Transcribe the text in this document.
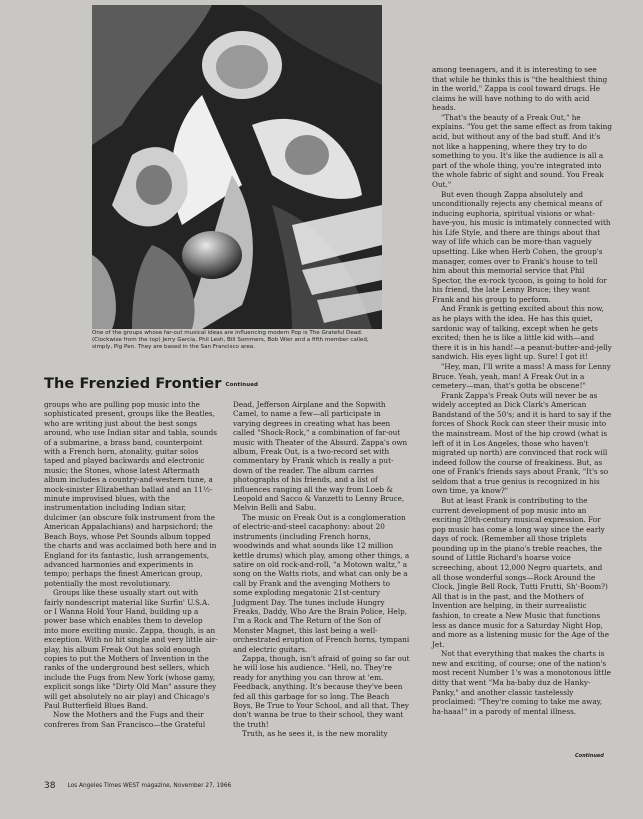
One of the groups whose far-out musical ideas are influencing modern Pop is The Grateful Dead. (Clockwise from the top) Jerry Garcia, Phil Lesh, Bill Sommers, Bob Wier and a fifth member called, simply, Pig Pen. They are based in the San Francisco area.

The Frenzied Frontier Continued

groups who are pulling pop music into the sophisticated present, groups like the Beatles, who are writing just about the best songs around, who use Indian sitar and tabla, sounds of a submarine, a brass band, counterpoint with a French horn, atonality, guitar solos taped and played backwards and electronic music; the Stones, whose latest Aftermath album includes a country-and-western tune, a mock-sinister Elizabethan ballad and an 11½-minute improvised blues, with the instrumentation including Indian sitar, dulcimer (an obscure folk instrument from the American Appalachians) and harpsichord; the Beach Boys, whose Pet Sounds album topped the charts and was acclaimed both here and in England for its fantastic, lush arrangements, advanced harmonies and experiments in tempo; perhaps the finest American group, potentially the most revolutionary.

Groups like these usually start out with fairly nondescript material like Surfin' U.S.A. or I Wanna Hold Your Hand, building up a power base which enables them to develop into more exciting music. Zappa, though, is an exception. With no hit single and very little air-play, his album Freak Out has sold enough copies to put the Mothers of Invention in the ranks of the underground best sellers, which include the Fugs from New York (whose gamy, explicit songs like "Dirty Old Man" assure they will get absolutely no air play) and Chicago's Paul Butterfield Blues Band.

Now the Mothers and the Fugs and their confreres from San Francisco—the Grateful

Dead, Jefferson Airplane and the Sopwith Camel, to name a few—all participate in varying degrees in creating what has been called "Shock-Rock," a combination of far-out music with Theater of the Absurd. Zappa's own album, Freak Out, is a two-record set with commentary by Frank which is really a put-down of the reader. The album carries photographs of his friends, and a list of influences ranging all the way from Loeb & Leopold and Sacco & Vanzetti to Lenny Bruce, Melvin Belli and Sabu.

The music on Freak Out is a conglomeration of electric-and-steel cacaphony: about 20 instruments (including French horns, woodwinds and what sounds like 12 million kettle drums) which play, among other things, a satire on old rock-and-roll, "a Motown waltz," a song on the Watts riots, and what can only be a call by Frank and the avenging Mothers to some exploding megatonic 21st-century Judgment Day. The tunes include Hungry Freaks, Daddy, Who Are the Brain Police, Help, I'm a Rock and The Return of the Son of Monster Magnet, this last being a well-orchestrated eruption of French horns, tympani and electric guitars.

Zappa, though, isn't afraid of going so far out he will lose his audience. "Hell, no. They're ready for anything you can throw at 'em. Feedback, anything. It's because they've been fed all this garbage for so long. The Beach Boys, Be True to Your School, and all that. They don't wanna be true to their school, they want the truth!

Truth, as he sees it, is the new morality

among teenagers, and it is interesting to see that while he thinks this is "the healthiest thing in the world," Zappa is cool toward drugs. He claims he will have nothing to do with acid heads.

"That's the beauty of a Freak Out," he explains. "You get the same effect as from taking acid, but without any of the bad stuff. And it's not like a happening, where they try to do something to you. It's like the audience is all a part of the whole thing, you're integrated into the whole fabric of sight and sound. You Freak Out."

But even though Zappa absolutely and unconditionally rejects any chemical means of inducing euphoria, spiritual visions or what-have-you, his music is intimately connected with his Life Style, and there are things about that way of life which can be more-than vaguely upsetting. Like when Herb Cohen, the group's manager, comes over to Frank's house to tell him about this memorial service that Phil Spector, the ex-rock tycoon, is going to hold for his friend, the late Lenny Bruce; they want Frank and his group to perform.

And Frank is getting excited about this now, as he plays with the idea. He has this quiet, sardonic way of talking, except when he gets excited; then he is like a little kid with—and there it is in his hand!—a peanut-butter-and-jelly sandwich. His eyes light up. Sure! I got it!

"Hey, man, I'll write a mass! A mass for Lenny Bruce. Yeah, yeah, man! A Freak Out in a cemetery—man, that's gotta be obscene!"

Frank Zappa's Freak Outs will never be as widely accepted as Dick Clark's American Bandstand of the 50's; and it is hard to say if the forces of Shock Rock can steer their music into the mainstream. Most of the hip crowd (what is left of it in Los Angeles, those who haven't migrated up north) are convinced that rock will indeed follow the course of freakiness. But, as one of Frank's friends says about Frank, "It's so seldom that a true genius is recognized in his own time, ya know?"

But at least Frank is contributing to the current development of pop music into an exciting 20th-century musical expression. For pop music has come a long way since the early days of rock. (Remember all those triplets pounding up in the piano's treble reaches, the sound of Little Richard's hoarse voice screeching, about 12,000 Negro quartets, and all those wonderful songs—Rock Around the Clock, Jingle Bell Rock, Tutti Frutti, Sh'-Boom?) All that is in the past, and the Mothers of Invention are helping, in their surrealistic fashion, to create a New Music that functions less as dance music for a Saturday Night Hop, and more as a listening music for the Age of the Jet.

Not that everything that makes the charts is new and exciting, of course; one of the nation's most recent Number 1's was a monotonous little ditty that went "Ma ba-baby duz de Hanky-Panky," and another classic tastelessly proclaimed: "They're coming to take me away, ha-haaa!" in a parody of mental illness.

Continued
38 Los Angeles Times WEST magazine, November 27, 1966
